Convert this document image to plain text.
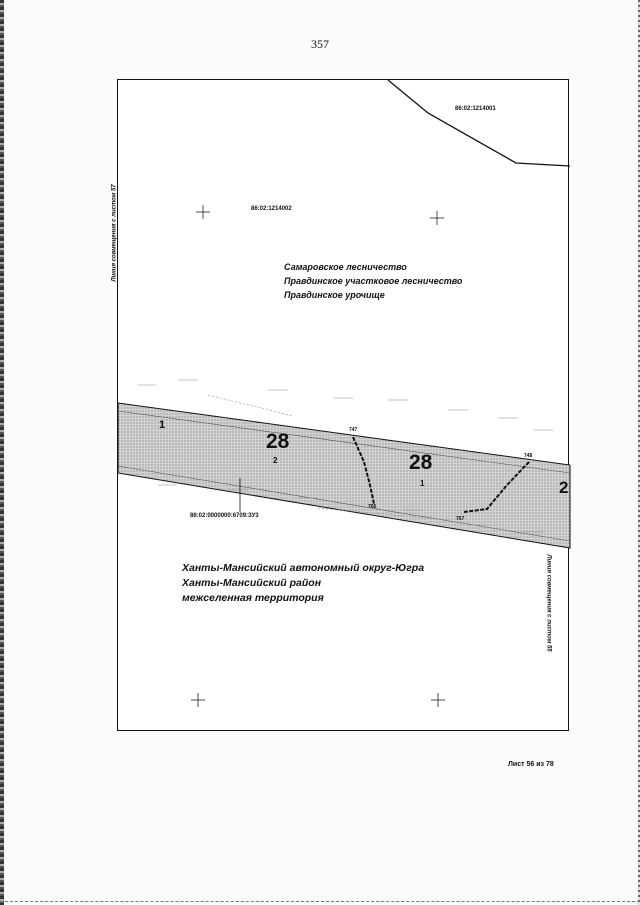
357
86:02:1214001
86:02:1214002
86:02:0000000:6709:ЗУ3
Самаровское лесничество
Правдинское участковое лесничество
Правдинское урочище
Ханты-Мансийский автономный округ-Югра
Ханты-Мансийский район
межселенная территория
Линия совмещения с листом 57
Линия совмещения с листом 55
1
28
28
2
1	2
747
748
766
767
Лист 56 из 78
